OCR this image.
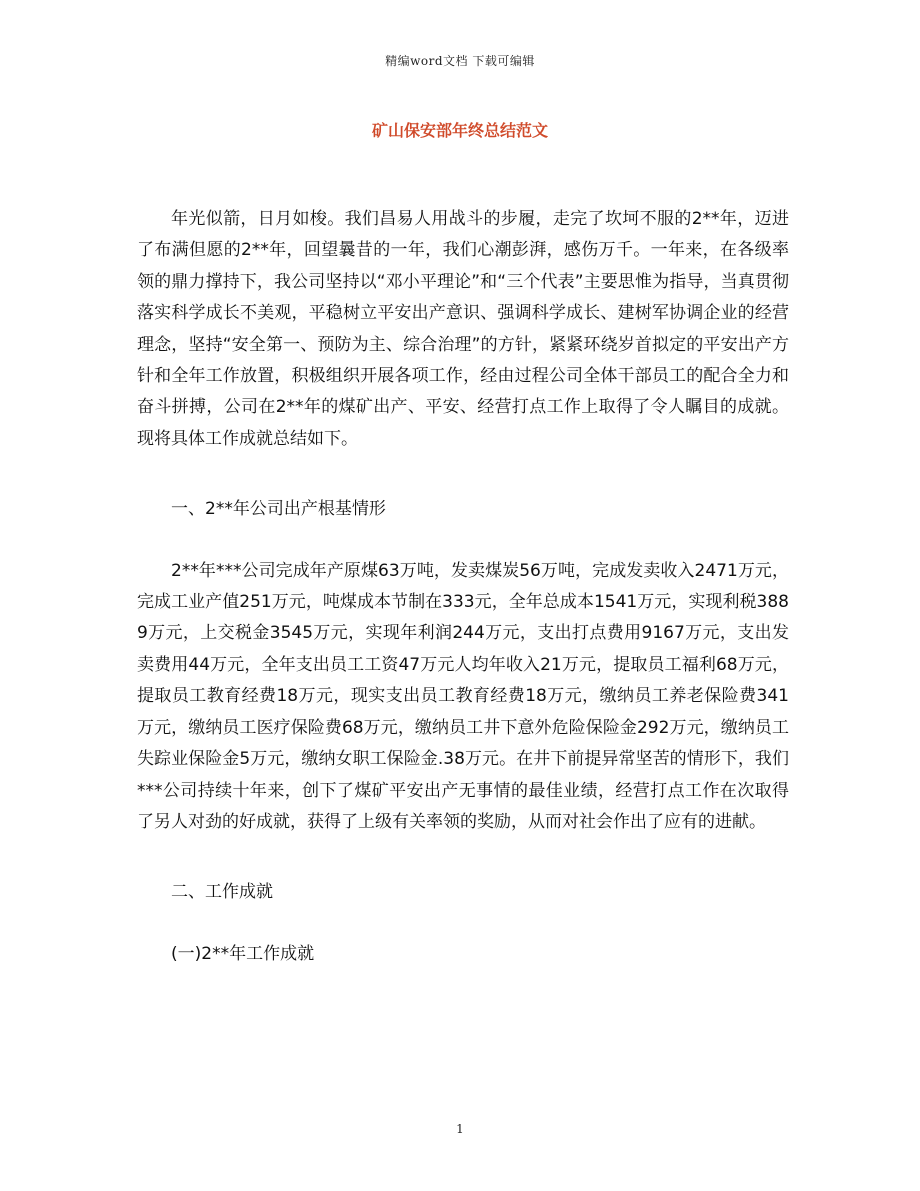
精编word文档 下载可编辑
矿山保安部年终总结范文

年光似箭，日月如梭。我们昌易人用战斗的步履，走完了坎坷不服的2**年，迈进了布满但愿的2**年，回望曩昔的一年，我们心潮彭湃，感伤万千。一年来，在各级率领的鼎力撑持下，我公司坚持以“邓小平理论”和“三个代表”主要思惟为指导，当真贯彻落实科学成长不美观，平稳树立平安出产意识、强调科学成长、建树军协调企业的经营理念，坚持“安全第一、预防为主、综合治理”的方针，紧紧环绕岁首拟定的平安出产方针和全年工作放置，积极组织开展各项工作，经由过程公司全体干部员工的配合全力和奋斗拼搏，公司在2**年的煤矿出产、平安、经营打点工作上取得了令人瞩目的成就。现将具体工作成就总结如下。

一、2**年公司出产根基情形

2**年***公司完成年产原煤63万吨，发卖煤炭56万吨，完成发卖收入2471万元，完成工业产值251万元，吨煤成本节制在333元，全年总成本1541万元，实现利税3889万元，上交税金3545万元，实现年利润244万元，支出打点费用9167万元，支出发卖费用44万元，全年支出员工工资47万元人均年收入21万元，提取员工福利68万元，提取员工教育经费18万元，现实支出员工教育经费18万元，缴纳员工养老保险费341万元，缴纳员工医疗保险费68万元，缴纳员工井下意外危险保险金292万元，缴纳员工失踪业保险金5万元，缴纳女职工保险金.38万元。在井下前提异常坚苦的情形下，我们***公司持续十年来，创下了煤矿平安出产无事情的最佳业绩，经营打点工作在次取得了另人对劲的好成就，获得了上级有关率领的奖励，从而对社会作出了应有的进献。

二、工作成就

(一)2**年工作成就

1
